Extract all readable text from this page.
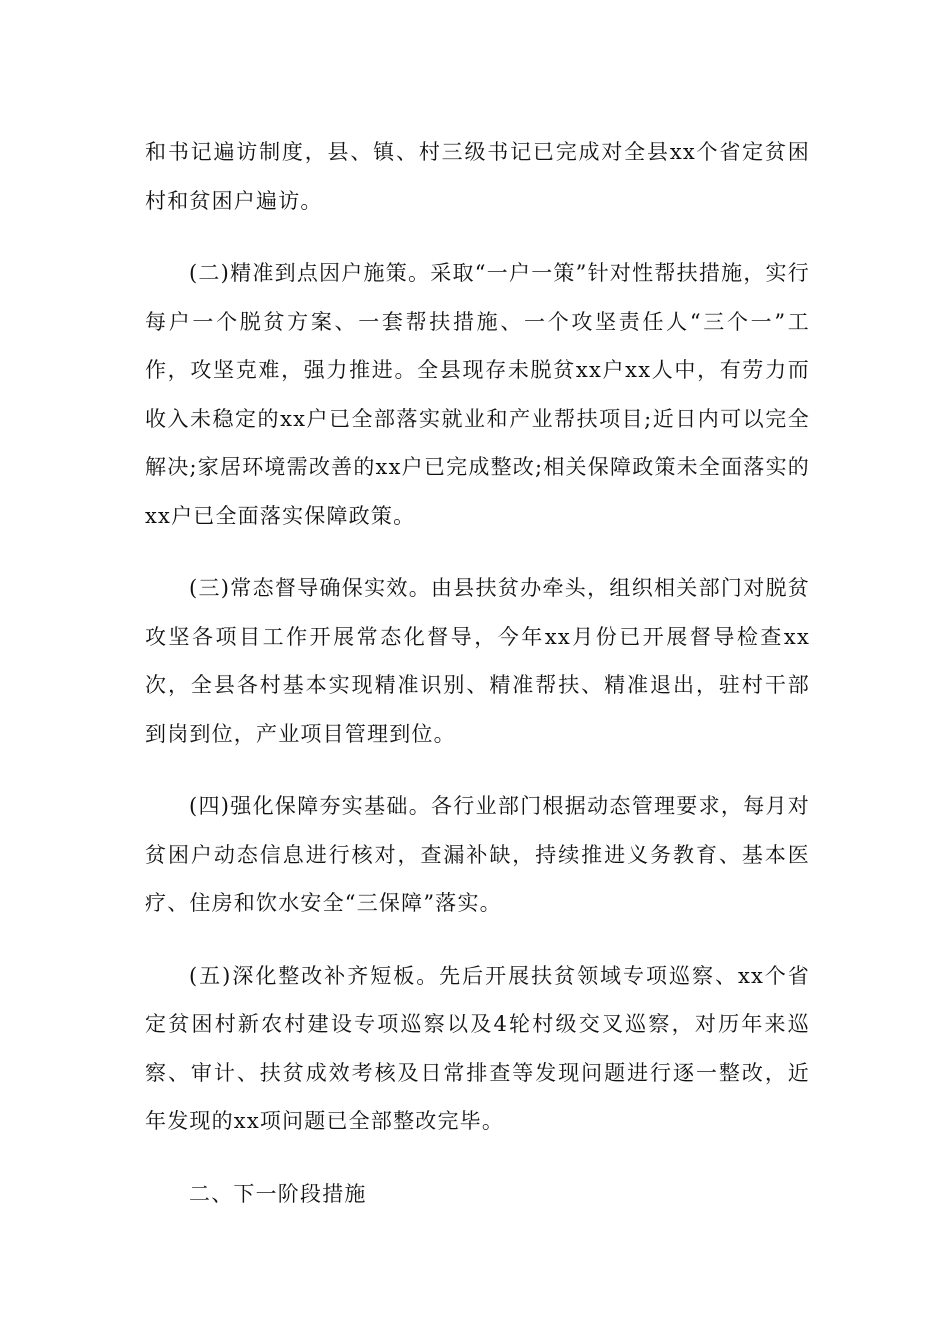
和书记遍访制度，县、镇、村三级书记已完成对全县xx个省定贫困村和贫困户遍访。

(二)精准到点因户施策。采取“一户一策”针对性帮扶措施，实行每户一个脱贫方案、一套帮扶措施、一个攻坚责任人“三个一”工作，攻坚克难，强力推进。全县现存未脱贫xx户xx人中，有劳力而收入未稳定的xx户已全部落实就业和产业帮扶项目;近日内可以完全解决;家居环境需改善的xx户已完成整改;相关保障政策未全面落实的xx户已全面落实保障政策。

(三)常态督导确保实效。由县扶贫办牵头，组织相关部门对脱贫攻坚各项目工作开展常态化督导，今年xx月份已开展督导检查xx次，全县各村基本实现精准识别、精准帮扶、精准退出，驻村干部到岗到位，产业项目管理到位。

(四)强化保障夯实基础。各行业部门根据动态管理要求，每月对贫困户动态信息进行核对，查漏补缺，持续推进义务教育、基本医疗、住房和饮水安全“三保障”落实。

(五)深化整改补齐短板。先后开展扶贫领域专项巡察、xx个省定贫困村新农村建设专项巡察以及4轮村级交叉巡察，对历年来巡察、审计、扶贫成效考核及日常排查等发现问题进行逐一整改，近年发现的xx项问题已全部整改完毕。

二、下一阶段措施
